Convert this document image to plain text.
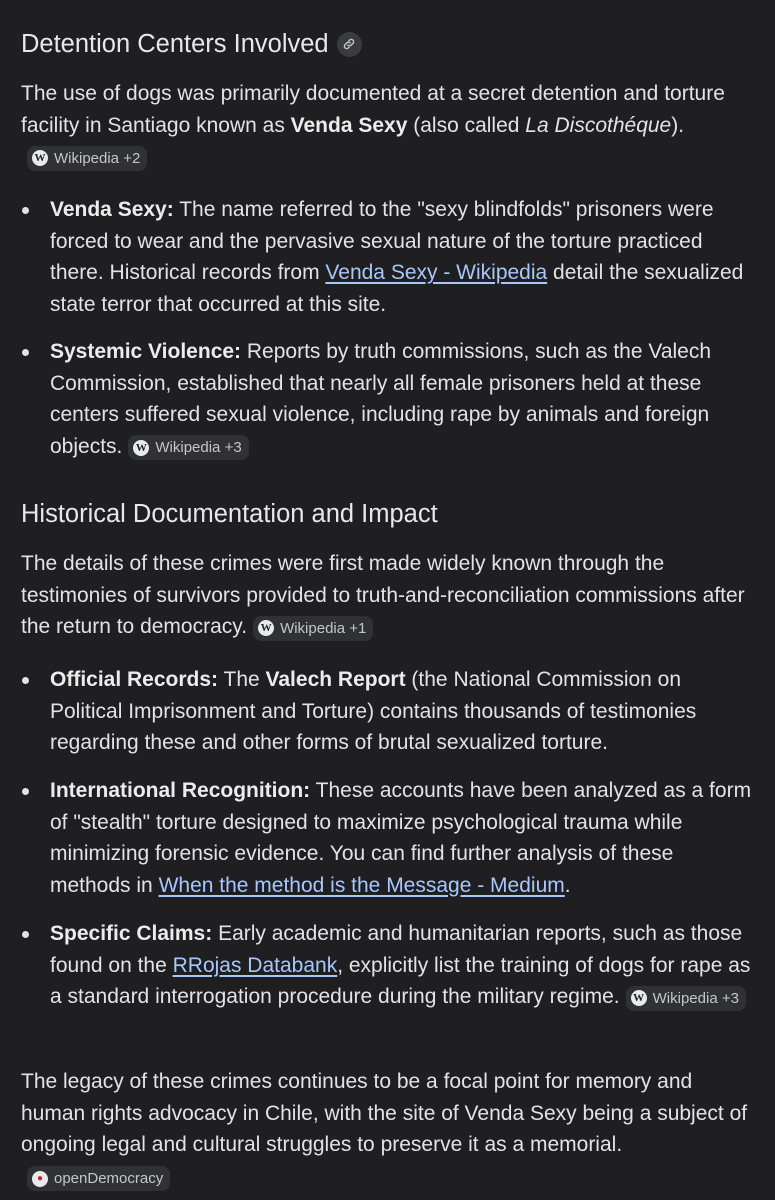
Detention Centers Involved

The use of dogs was primarily documented at a secret detention and torture facility in Santiago known as Venda Sexy (also called La Discothéque).
W Wikipedia +2

Venda Sexy: The name referred to the "sexy blindfolds" prisoners were forced to wear and the pervasive sexual nature of the torture practiced there. Historical records from Venda Sexy - Wikipedia detail the sexualized state terror that occurred at this site.
Systemic Violence: Reports by truth commissions, such as the Valech Commission, established that nearly all female prisoners held at these centers suffered sexual violence, including rape by animals and foreign objects. W Wikipedia +3
Historical Documentation and Impact

The details of these crimes were first made widely known through the testimonies of survivors provided to truth-and-reconciliation commissions after the return to democracy. W Wikipedia +1

Official Records: The Valech Report (the National Commission on Political Imprisonment and Torture) contains thousands of testimonies regarding these and other forms of brutal sexualized torture.
International Recognition: These accounts have been analyzed as a form of "stealth" torture designed to maximize psychological trauma while minimizing forensic evidence. You can find further analysis of these methods in When the method is the Message - Medium.
Specific Claims: Early academic and humanitarian reports, such as those found on the RRojas Databank, explicitly list the training of dogs for rape as a standard interrogation procedure during the military regime. W Wikipedia +3

The legacy of these crimes continues to be a focal point for memory and human rights advocacy in Chile, with the site of Venda Sexy being a subject of ongoing legal and cultural struggles to preserve it as a memorial.
● openDemocracy
